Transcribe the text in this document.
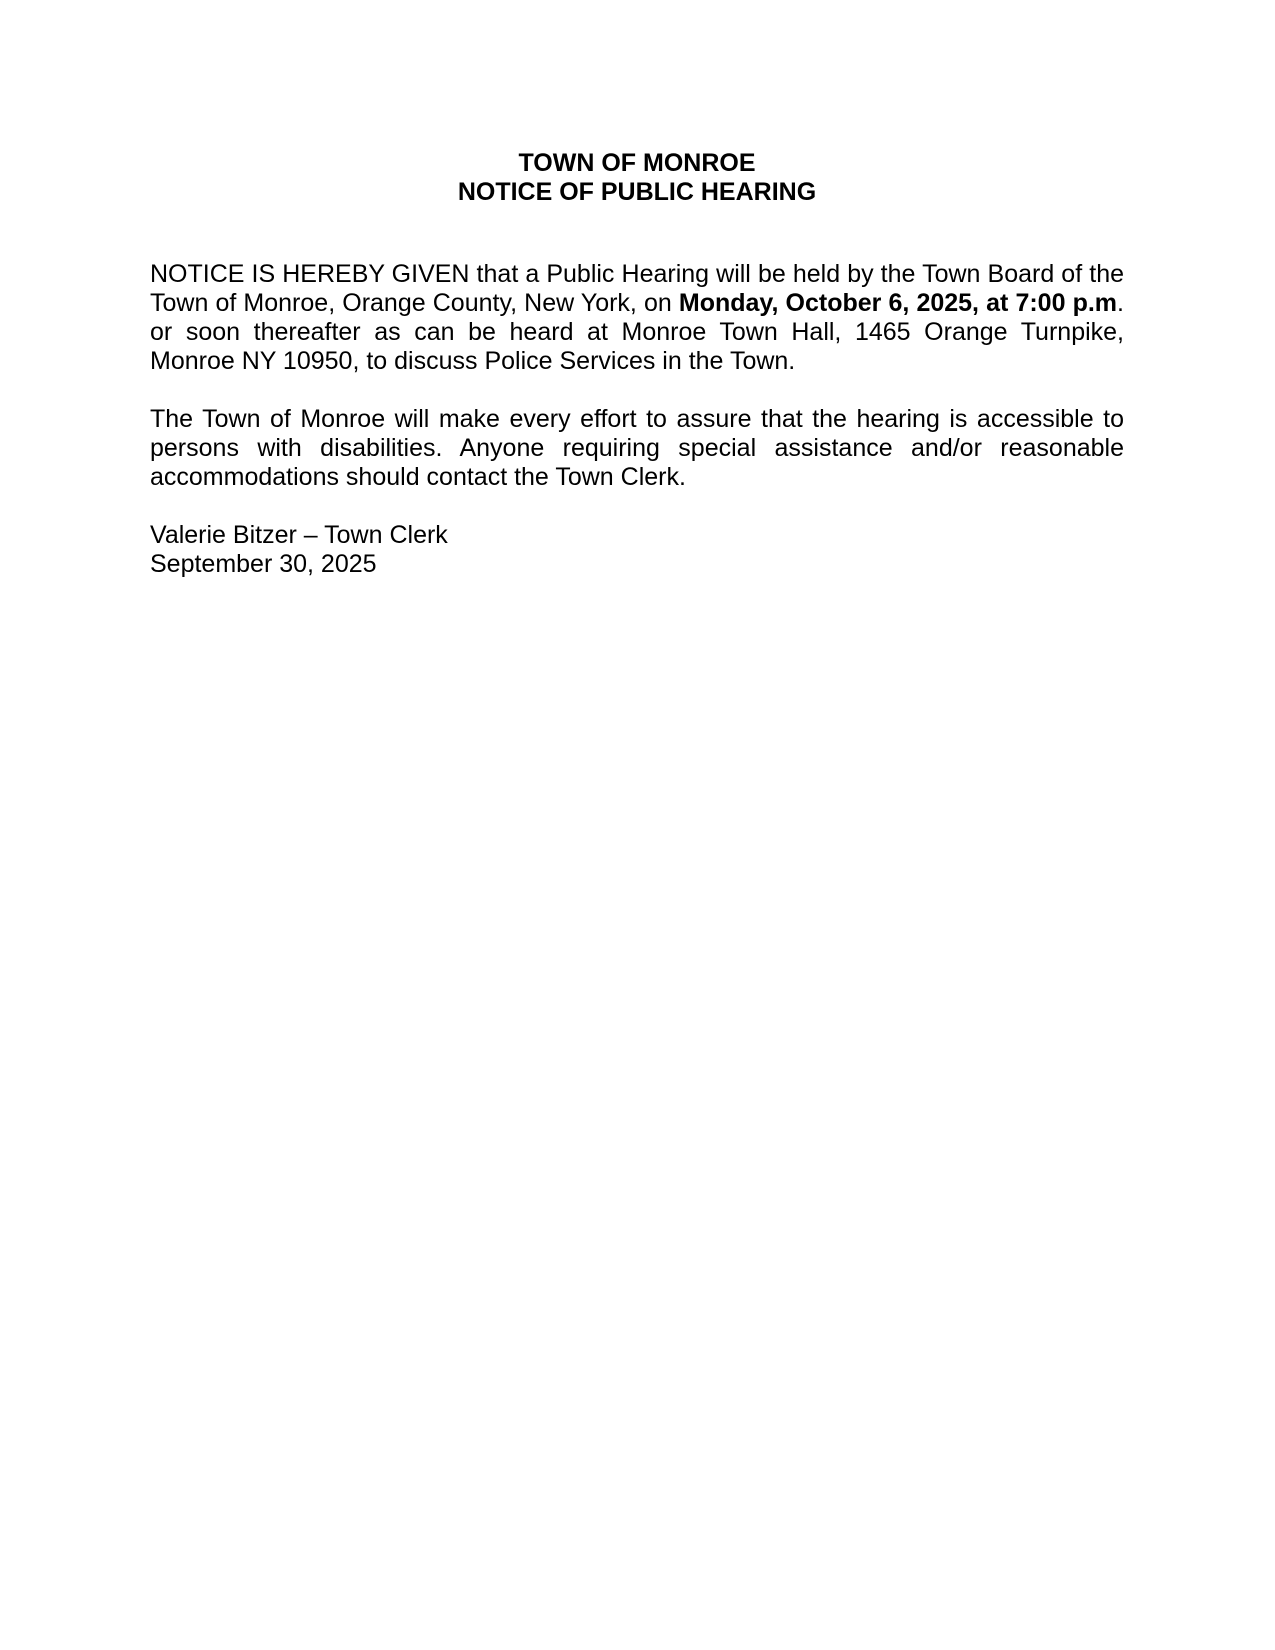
TOWN OF MONROE
NOTICE OF PUBLIC HEARING

NOTICE IS HEREBY GIVEN that a Public Hearing will be held by the Town Board of the Town of Monroe, Orange County, New York, on Monday, October 6, 2025, at 7:00 p.m. or soon thereafter as can be heard at Monroe Town Hall, 1465 Orange Turnpike, Monroe NY 10950, to discuss Police Services in the Town.

The Town of Monroe will make every effort to assure that the hearing is accessible to persons with disabilities. Anyone requiring special assistance and/or reasonable accommodations should contact the Town Clerk.

Valerie Bitzer – Town Clerk
September 30, 2025
